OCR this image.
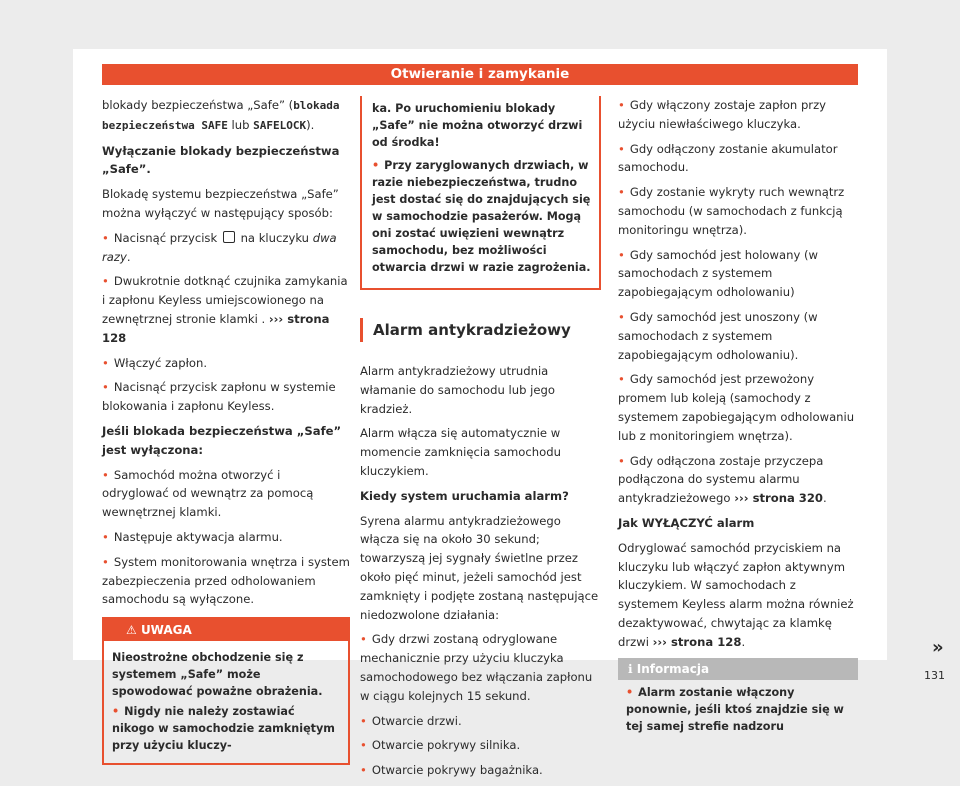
Otwieranie i zamykanie

blokady bezpieczeństwa „Safe” (blokada bezpieczeństwa SAFE lub SAFELOCK).

Wyłączanie blokady bezpieczeństwa „Safe”.

Blokadę systemu bezpieczeństwa „Safe” można wyłączyć w następujący sposób:

• Nacisnąć przycisk  na kluczyku dwa razy.

• Dwukrotnie dotknąć czujnika zamykania i zapłonu Keyless umiejscowionego na zewnętrznej stronie klamki . ››› strona 128

• Włączyć zapłon.

• Nacisnąć przycisk zapłonu w systemie blokowania i zapłonu Keyless.

Jeśli blokada bezpieczeństwa „Safe” jest wyłączona:

• Samochód można otworzyć i odryglować od wewnątrz za pomocą wewnętrznej klamki.

• Następuje aktywacja alarmu.

• System monitorowania wnętrza i system zabezpieczenia przed odholowaniem samochodu są wyłączone.

⚠ UWAGA

Nieostrożne obchodzenie się z systemem „Safe” może spowodować poważne obrażenia.

• Nigdy nie należy zostawiać nikogo w samochodzie zamkniętym przy użyciu kluczy-

ka. Po uruchomieniu blokady „Safe” nie można otworzyć drzwi od środka!

• Przy zaryglowanych drzwiach, w razie niebezpieczeństwa, trudno jest dostać się do znajdujących się w samochodzie pasażerów. Mogą oni zostać uwięzieni wewnątrz samochodu, bez możliwości otwarcia drzwi w razie zagrożenia.

Alarm antykradzieżowy

Alarm antykradzieżowy utrudnia włamanie do samochodu lub jego kradzież.

Alarm włącza się automatycznie w momencie zamknięcia samochodu kluczykiem.

Kiedy system uruchamia alarm?

Syrena alarmu antykradzieżowego włącza się na około 30 sekund; towarzyszą jej sygnały świetlne przez około pięć minut, jeżeli samochód jest zamknięty i podjęte zostaną następujące niedozwolone działania:

• Gdy drzwi zostaną odryglowane mechanicznie przy użyciu kluczyka samochodowego bez włączania zapłonu w ciągu kolejnych 15 sekund.

• Otwarcie drzwi.

• Otwarcie pokrywy silnika.

• Otwarcie pokrywy bagażnika.

• Gdy włączony zostaje zapłon przy użyciu niewłaściwego kluczyka.

• Gdy odłączony zostanie akumulator samochodu.

• Gdy zostanie wykryty ruch wewnątrz samochodu (w samochodach z funkcją monitoringu wnętrza).

• Gdy samochód jest holowany (w samochodach z systemem zapobiegającym odholowaniu)

• Gdy samochód jest unoszony (w samochodach z systemem zapobiegającym odholowaniu).

• Gdy samochód jest przewożony promem lub koleją (samochody z systemem zapobiegającym odholowaniu lub z monitoringiem wnętrza).

• Gdy odłączona zostaje przyczepa podłączona do systemu alarmu antykradzieżowego ››› strona 320.

Jak WYŁĄCZYĆ alarm

Odryglować samochód przyciskiem na kluczyku lub włączyć zapłon aktywnym kluczykiem. W samochodach z systemem Keyless alarm można również dezaktywować, chwytając za klamkę drzwi ››› strona 128.

ℹ Informacja

• Alarm zostanie włączony ponownie, jeśli ktoś znajdzie się w tej samej strefie nadzoru

»
131
